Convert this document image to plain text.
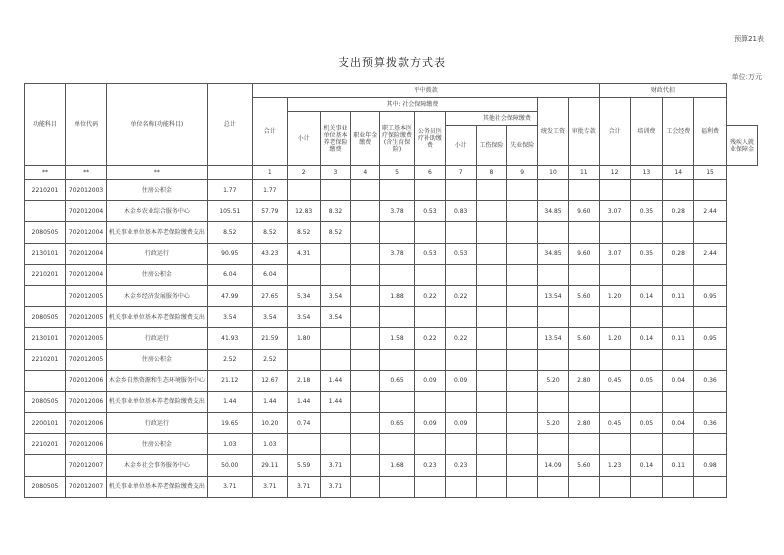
预算21表
支出预算拨款方式表
单位:万元
功能科目	单位代码	单位名称(功能科目)	总计	平中拨款											财政代扣				
				合计	其中: 社会保障缴费								统发工资	审批专款	合计	培训费	工会经费	福利费	
					小计	机关事业单位基本养老保险缴费	职业年金缴费	职工基本医疗保险缴费(含生育保险)	公务员医疗补助缴费	其他社会保障缴费									
										小计	工伤保险	失业保险							残疾人就业保障金
**	**	**		1	2	3	4	5	6	7	8	9	10	11	12	13	14	15	
2210201	702012003	住房公积金	1.77	1.77															
	702012004	木金乡农业综合服务中心	105.51	57.79	12.83	8.32		3.78	0.53	0.83			34.85	9.60	3.07	0.35	0.28	2.44	
2080505	702012004	机关事业单位基本养老保险缴费支出	8.52	8.52	8.52	8.52													
2130101	702012004	行政运行	90.95	43.23	4.31			3.78	0.53	0.53			34.85	9.60	3.07	0.35	0.28	2.44	
2210201	702012004	住房公积金	6.04	6.04															
	702012005	木金乡经济发展服务中心	47.99	27.65	5.34	3.54		1.88	0.22	0.22			13.54	5.60	1.20	0.14	0.11	0.95	
2080505	702012005	机关事业单位基本养老保险缴费支出	3.54	3.54	3.54	3.54													
2130101	702012005	行政运行	41.93	21.59	1.80			1.58	0.22	0.22			13.54	5.60	1.20	0.14	0.11	0.95	
2210201	702012005	住房公积金	2.52	2.52															
	702012006	木金乡自然资源和生态环境服务中心	21.12	12.67	2.18	1.44		0.65	0.09	0.09			5.20	2.80	0.45	0.05	0.04	0.36	
2080505	702012006	机关事业单位基本养老保险缴费支出	1.44	1.44	1.44	1.44													
2200101	702012006	行政运行	19.65	10.20	0.74			0.65	0.09	0.09			5.20	2.80	0.45	0.05	0.04	0.36	
2210201	702012006	住房公积金	1.03	1.03															
	702012007	木金乡社会事务服务中心	50.00	29.11	5.59	3.71		1.68	0.23	0.23			14.09	5.60	1.23	0.14	0.11	0.98	
2080505	702012007	机关事业单位基本养老保险缴费支出	3.71	3.71	3.71	3.71													
